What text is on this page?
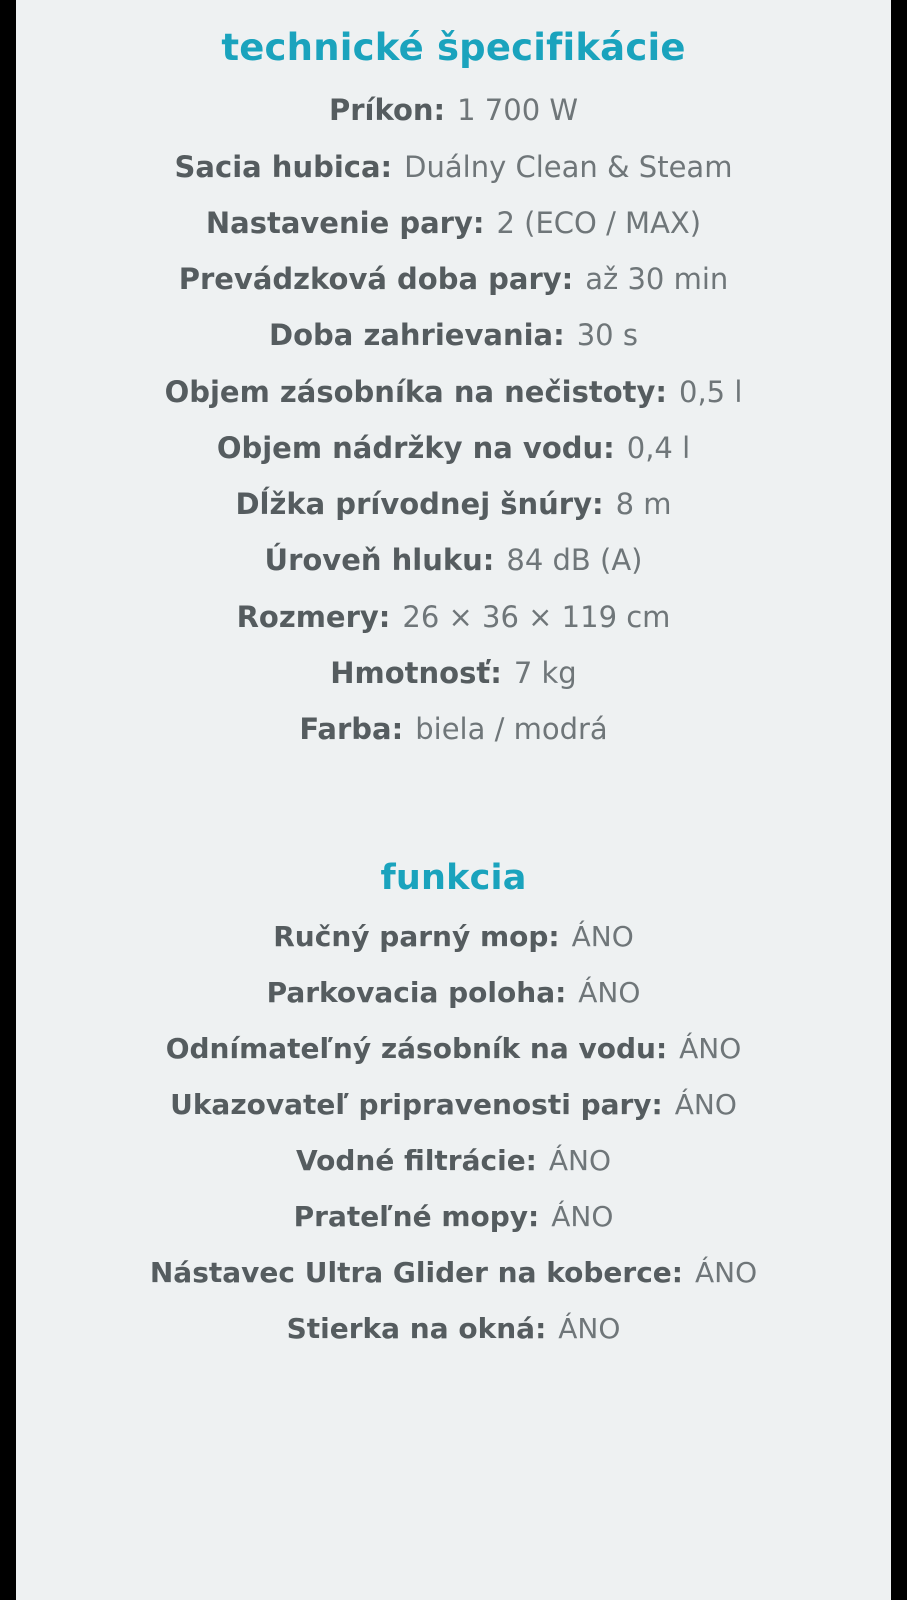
technické špecifikácie
Príkon: 1 700 W
Sacia hubica: Duálny Clean & Steam
Nastavenie pary: 2 (ECO / MAX)
Prevádzková doba pary: až 30 min
Doba zahrievania: 30 s
Objem zásobníka na nečistoty: 0,5 l
Objem nádržky na vodu: 0,4 l
Dĺžka prívodnej šnúry: 8 m
Úroveň hluku: 84 dB (A)
Rozmery: 26 × 36 × 119 cm
Hmotnosť: 7 kg
Farba: biela / modrá
funkcia
Ručný parný mop: ÁNO
Parkovacia poloha: ÁNO
Odnímateľný zásobník na vodu: ÁNO
Ukazovateľ pripravenosti pary: ÁNO
Vodné filtrácie: ÁNO
Prateľné mopy: ÁNO
Nástavec Ultra Glider na koberce: ÁNO
Stierka na okná: ÁNO
